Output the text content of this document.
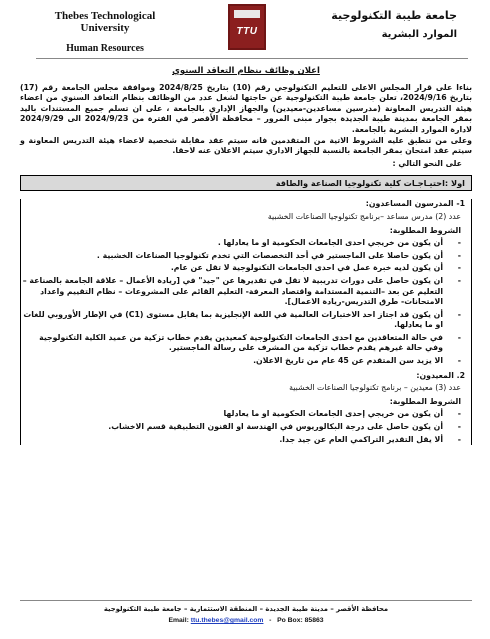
Thebes Technological University
Human Resources
TTU
جامعة طيبة التكنولوجية
الموارد البشرية
اعلان وظائف بنظام التعاقد السنوي

بناءا على قرار المجلس الاعلى للتعليم التكنولوجي رقم (10) بتاريخ 2024/8/25 وموافقة مجلس الجامعة رقم (17) بتاريخ 2024/9/16، تعلن جامعة طيبة التكنولوجية عن حاجتها لشغل عدد من الوظائف بنظام التعاقد السنوي من اعضاء هيئة التدريس المعاونة (مدرسين مساعدين-معيدين) والجهاز الإداري بالجامعة ، على ان تسلم جميع المستندات باليد بمقر الجامعة بمدينة طيبة الجديدة بجوار مبنى المرور – محافظة الأقصر في الفترة من 2024/9/23 الى 2024/9/29 لادارة الموارد البشرية بالجامعة.

وعلى من تنطبق عليه الشروط الاتية من المتقدمين فانه سيتم عقد مقابلة شخصية لاعضاء هيئة التدريس المعاونة و سيتم عقد امتحان بمقر الجامعة بالنسبة للجهاز الاداري سيتم الاعلان عنه لاحقا.

على النحو التالي :
اولا :احتيـاجـات كلية تكنولوجيا الصناعة والطاقة
1- المدرسون المساعدون:
عدد (2) مدرس مساعد –برنامج تكنولوجيا الصناعات الخشبية
الشروط المطلوبة:
- أن يكون من خريجي احدى الجامعات الحكومية او ما يعادلها .
- أن يكون حاصلا على الماجستير في أحد التخصصات التي تخدم تكنولوجيا الصناعات الخشبية .
- أن يكون لديه خبرة عمل في احدى الجامعات التكنولوجية لا تقل عن عام.
- ان يكون حاصل على دورات تدريبية لا تقل في تقديرها عن "جيد" في [ريادة الأعمال – علاقة الجامعة بالصناعة – التعليم عن بعد –التنمية المستدامة واقتصاد المعرفة- التعليم القائم على المشروعات – نظام التقييم واعداد الامتحانات- طرق التدريس-ريادة الاعمال].
- أن يكون قد اجتاز احد الاختبارات العالمية في اللغة الإنجليزية بما يقابل مستوى (C1) في الإطار الأوروبي للغات او ما يعادلها.
- في حالة المتعاقدين مع احدى الجامعات التكنولوجية كمعيدين يقدم خطاب تزكية من عميد الكلية التكنولوجية وفي حالة غيرهم يقدم خطاب تزكية من المشرف على رسالة الماجستير.
- الا يزيد سن المتقدم عن 45 عام من تاريخ الاعلان.
2. المعيدون:
عدد (3) معيدين – برنامج تكنولوجيا الصناعات الخشبية
الشروط المطلوبة:
- أن يكون من خريجي إحدى الجامعات الحكومية او ما يعادلها
- أن يكون حاصل على درجة البكالوريوس في الهندسة او الفنون التطبيقية قسم الاخشاب.
- ألا يقل التقدير التراكمي العام عن جيد جدا.
محافظة الأقصر – مدينة طيبة الجديدة – المنطقة الاستثمارية – جامعة طيبة التكنولوجية
Email: ttu.thebes@gmail.com   -   Po Box: 85863
